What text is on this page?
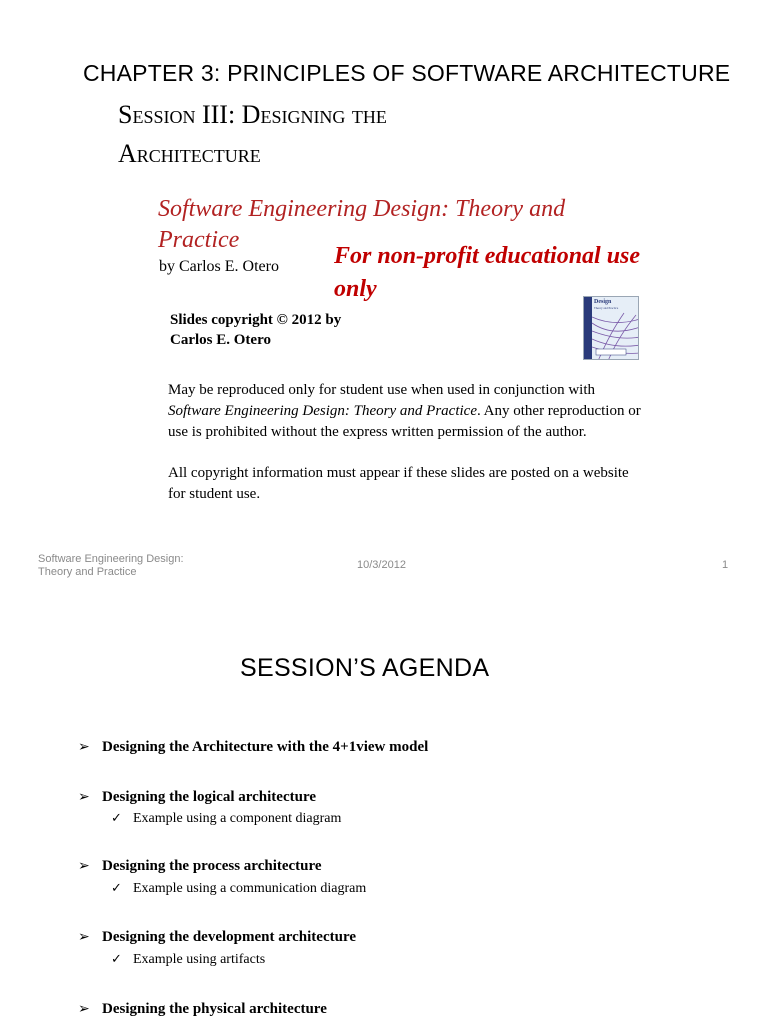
CHAPTER 3: PRINCIPLES OF SOFTWARE ARCHITECTURE
Session III: Designing the
Architecture
Software Engineering Design: Theory and Practice
by Carlos E. Otero For non-profit educational use only
Slides copyright © 2012 by
Carlos E. Otero
Design
Theory and Practice

May be reproduced only for student use when used in conjunction with Software Engineering Design: Theory and Practice. Any other reproduction or use is prohibited without the express written permission of the author.

All copyright information must appear if these slides are posted on a website for student use.

Software Engineering Design:
Theory and Practice
10/3/2012	1
SESSION’S AGENDA
➢ Designing the Architecture with the 4+1view model
➢ Designing the logical architecture
✓ Example using a component diagram
➢ Designing the process architecture
✓ Example using a communication diagram
➢ Designing the development architecture
✓ Example using artifacts
➢ Designing the physical architecture
